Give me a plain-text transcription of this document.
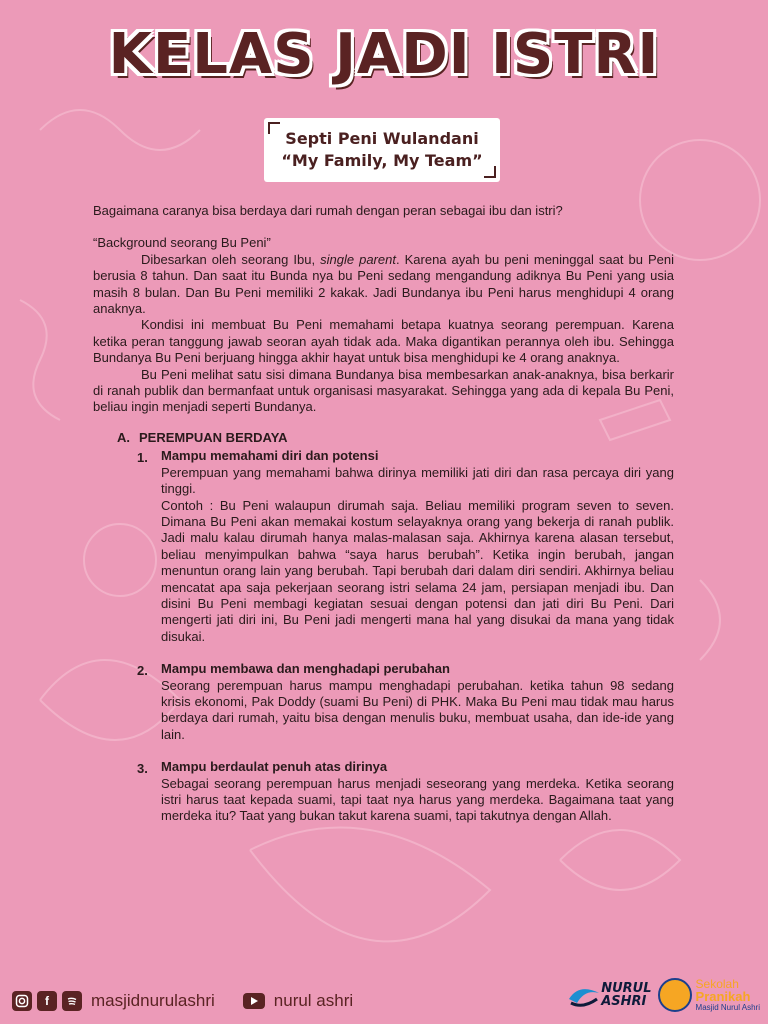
KELAS JADI ISTRI
Septi Peni Wulandani
“My Family, My Team”

Bagaimana caranya bisa berdaya dari rumah dengan peran sebagai ibu dan istri?

“Background seorang Bu Peni”

Dibesarkan oleh seorang Ibu, single parent. Karena ayah bu peni meninggal saat bu Peni berusia 8 tahun. Dan saat itu Bunda nya bu Peni sedang mengandung adiknya Bu Peni yang usia masih 8 bulan. Dan Bu Peni memiliki 2 kakak. Jadi Bundanya ibu Peni harus menghidupi 4 orang anaknya.

Kondisi ini membuat Bu Peni memahami betapa kuatnya seorang perempuan. Karena ketika peran tanggung jawab seoran ayah tidak ada. Maka digantikan perannya oleh ibu. Sehingga Bundanya Bu Peni berjuang hingga akhir hayat untuk bisa menghidupi ke 4 orang anaknya.

Bu Peni melihat satu sisi dimana Bundanya bisa membesarkan anak-anaknya, bisa berkarir di ranah publik dan bermanfaat untuk organisasi masyarakat. Sehingga yang ada di kepala Bu Peni, beliau ingin menjadi seperti Bundanya.

A. PEREMPUAN BERDAYA
1. Mampu memahami diri dan potensi

Perempuan yang memahami bahwa dirinya memiliki jati diri dan rasa percaya diri yang tinggi.

Contoh : Bu Peni walaupun dirumah saja. Beliau memiliki program seven to seven. Dimana Bu Peni akan memakai kostum selayaknya orang yang bekerja di ranah publik. Jadi malu kalau dirumah hanya malas-malasan saja. Akhirnya karena alasan tersebut, beliau menyimpulkan bahwa “saya harus berubah”. Ketika ingin berubah, jangan menuntun orang lain yang berubah. Tapi berubah dari dalam diri sendiri. Akhirnya beliau mencatat apa saja pekerjaan seorang istri selama 24 jam, persiapan menjadi ibu. Dan disini Bu Peni membagi kegiatan sesuai dengan potensi dan jati diri Bu Peni. Dari mengerti jati diri ini, Bu Peni jadi mengerti mana hal yang disukai da mana yang tidak disukai.

2. Mampu membawa dan menghadapi perubahan

Seorang perempuan harus mampu menghadapi perubahan. ketika tahun 98 sedang krisis ekonomi, Pak Doddy (suami Bu Peni) di PHK. Maka Bu Peni mau tidak mau harus berdaya dari rumah, yaitu bisa dengan menulis buku, membuat usaha, dan ide-ide yang lain.

3. Mampu berdaulat penuh atas dirinya

Sebagai seorang perempuan harus menjadi seseorang yang merdeka. Ketika seorang istri harus taat kepada suami, tapi taat nya harus yang merdeka. Bagaimana taat yang merdeka itu? Taat yang bukan takut karena suami, tapi takutnya dengan Allah.

f	masjidnurulashri	nurul ashri
NURUL
ASHRI
Sekolah
Pranikah
Masjid Nurul Ashri
